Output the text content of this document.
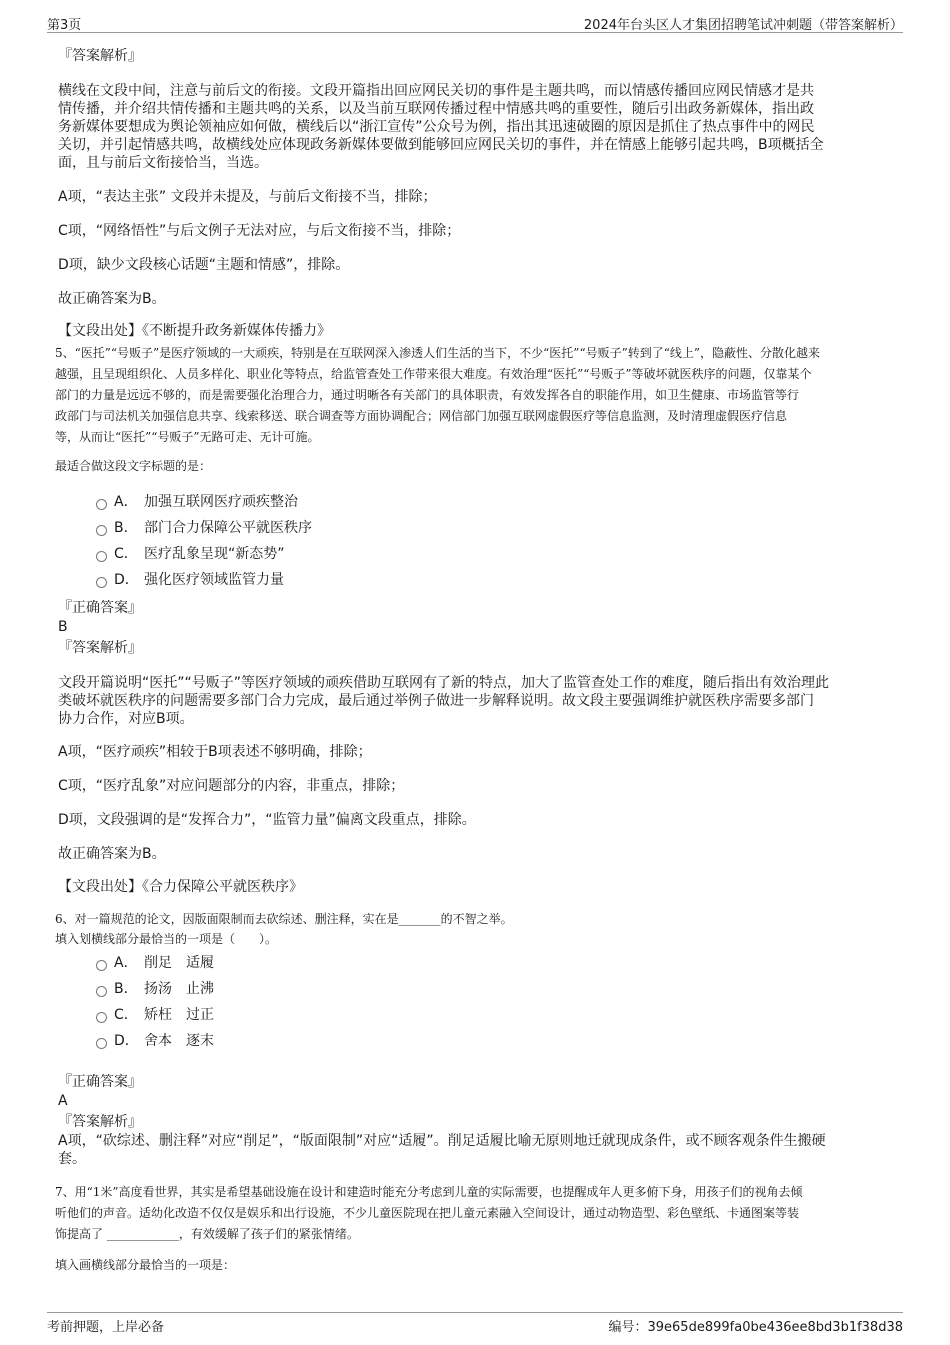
第3页	2024年台头区人才集团招聘笔试冲刺题（带答案解析）
『答案解析』
横线在文段中间，注意与前后文的衔接。文段开篇指出回应网民关切的事件是主题共鸣，而以情感传播回应网民情感才是共
情传播，并介绍共情传播和主题共鸣的关系，以及当前互联网传播过程中情感共鸣的重要性，随后引出政务新媒体，指出政
务新媒体要想成为舆论领袖应如何做，横线后以“浙江宣传”公众号为例，指出其迅速破圈的原因是抓住了热点事件中的网民
关切，并引起情感共鸣，故横线处应体现政务新媒体要做到能够回应网民关切的事件，并在情感上能够引起共鸣，B项概括全
面，且与前后文衔接恰当，当选。
A项，“表达主张” 文段并未提及，与前后文衔接不当，排除；
C项，“网络悟性”与后文例子无法对应，与后文衔接不当，排除；
D项，缺少文段核心话题“主题和情感”，排除。
故正确答案为B。
【文段出处】《不断提升政务新媒体传播力》
5、“医托”“号贩子”是医疗领域的一大顽疾，特别是在互联网深入渗透人们生活的当下，不少“医托”“号贩子”转到了“线上”，隐蔽性、分散化越来
越强，且呈现组织化、人员多样化、职业化等特点，给监管查处工作带来很大难度。有效治理“医托”“号贩子”等破坏就医秩序的问题，仅靠某个
部门的力量是远远不够的，而是需要强化治理合力，通过明晰各有关部门的具体职责，有效发挥各自的职能作用，如卫生健康、市场监管等行
政部门与司法机关加强信息共享、线索移送、联合调查等方面协调配合；网信部门加强互联网虚假医疗等信息监测，及时清理虚假医疗信息
等，从而让“医托”“号贩子”无路可走、无计可施。
最适合做这段文字标题的是：
A． 加强互联网医疗顽疾整治
B． 部门合力保障公平就医秩序
C． 医疗乱象呈现“新态势”
D． 强化医疗领域监管力量
『正确答案』
B
『答案解析』
文段开篇说明“医托”“号贩子”等医疗领域的顽疾借助互联网有了新的特点，加大了监管查处工作的难度，随后指出有效治理此
类破坏就医秩序的问题需要多部门合力完成，最后通过举例子做进一步解释说明。故文段主要强调维护就医秩序需要多部门
协力合作，对应B项。
A项，“医疗顽疾”相较于B项表述不够明确，排除；
C项，“医疗乱象”对应问题部分的内容，非重点，排除；
D项，文段强调的是“发挥合力”，“监管力量”偏离文段重点，排除。
故正确答案为B。
【文段出处】《合力保障公平就医秩序》
6、对一篇规范的论文，因版面限制而去砍综述、删注释，实在是_______的不智之举。
填入划横线部分最恰当的一项是（　　）。
A． 削足 适履
B． 扬汤 止沸
C． 矫枉 过正
D． 舍本 逐末
『正确答案』
A
『答案解析』
A项，“砍综述、删注释”对应“削足”，“版面限制”对应“适履”。削足适履比喻无原则地迁就现成条件，或不顾客观条件生搬硬
套。
7、用“1米”高度看世界，其实是希望基础设施在设计和建造时能充分考虑到儿童的实际需要，也提醒成年人更多俯下身，用孩子们的视角去倾
听他们的声音。适幼化改造不仅仅是娱乐和出行设施，不少儿童医院现在把儿童元素融入空间设计，通过动物造型、彩色壁纸、卡通图案等装
饰提高了 ____________，有效缓解了孩子们的紧张情绪。
填入画横线部分最恰当的一项是：
考前押题，上岸必备	编号：39e65de899fa0be436ee8bd3b1f38d38
